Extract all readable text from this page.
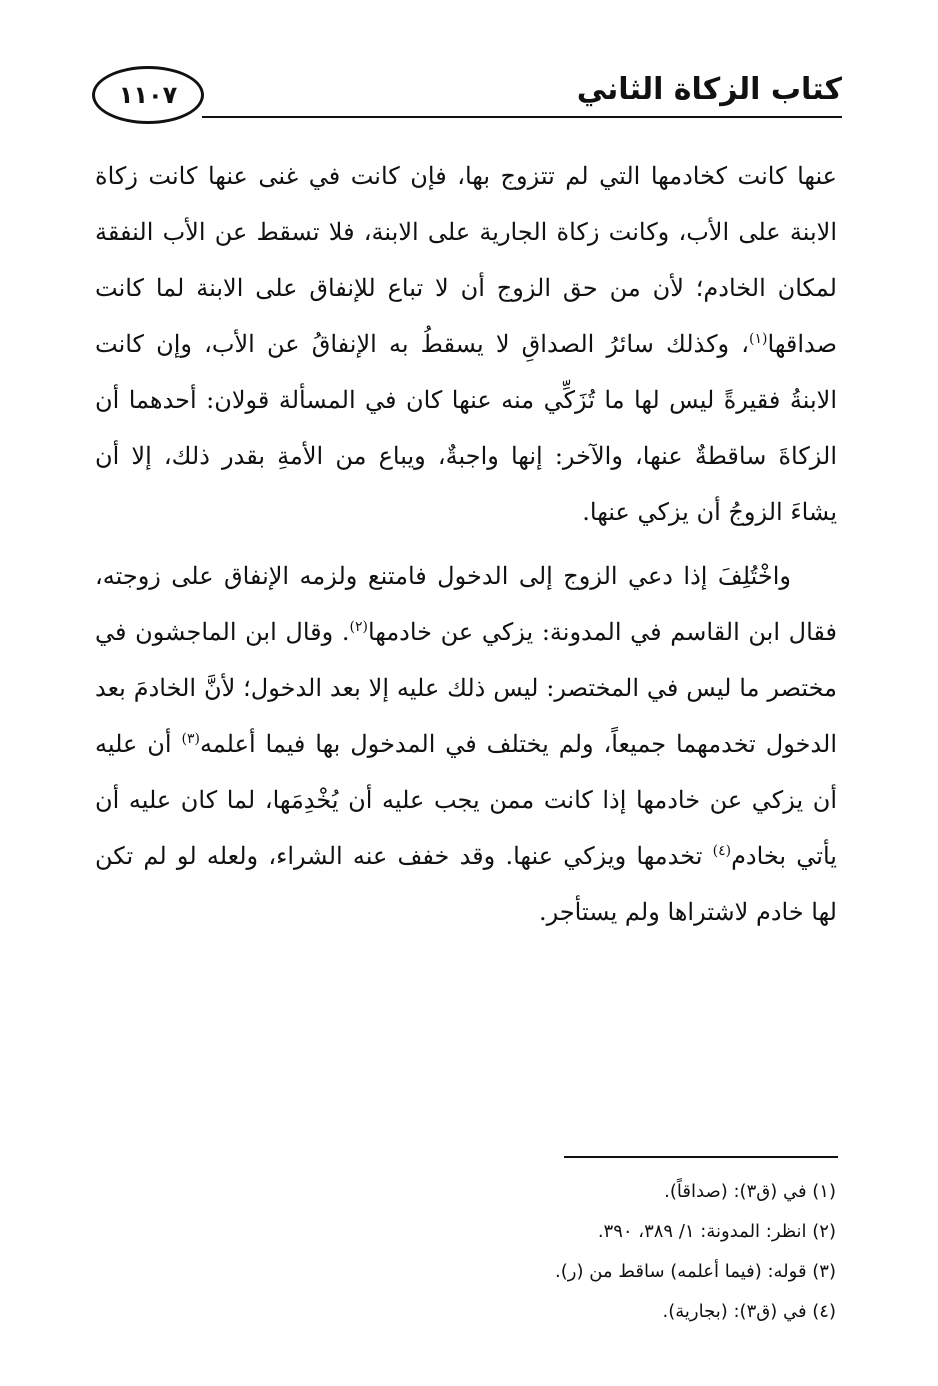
١١٠٧	كتاب الزكاة الثاني

عنها كانت كخادمها التي لم تتزوج بها، فإن كانت في غنى عنها كانت زكاة الابنة على الأب، وكانت زكاة الجارية على الابنة، فلا تسقط عن الأب النفقة لمكان الخادم؛ لأن من حق الزوج أن لا تباع للإنفاق على الابنة لما كانت صداقها$^{(١)}$، وكذلك سائرُ الصداقِ لا يسقطُ به الإنفاقُ عن الأب، وإن كانت الابنةُ فقيرةً ليس لها ما تُزَكِّي منه عنها كان في المسألة قولان: أحدهما أن الزكاةَ ساقطةٌ عنها، والآخر: إنها واجبةٌ، ويباع من الأمةِ بقدر ذلك، إلا أن يشاءَ الزوجُ أن يزكي عنها.

واخْتُلِفَ إذا دعي الزوج إلى الدخول فامتنع ولزمه الإنفاق على زوجته، فقال ابن القاسم في المدونة: يزكي عن خادمها$^{(٢)}$. وقال ابن الماجشون في مختصر ما ليس في المختصر: ليس ذلك عليه إلا بعد الدخول؛ لأنَّ الخادمَ بعد الدخول تخدمهما جميعاً، ولم يختلف في المدخول بها فيما أعلمه$^{(٣)}$ أن عليه أن يزكي عن خادمها إذا كانت ممن يجب عليه أن يُخْدِمَها، لما كان عليه أن يأتي بخادم$^{(٤)}$ تخدمها ويزكي عنها. وقد خفف عنه الشراء، ولعله لو لم تكن لها خادم لاشتراها ولم يستأجر.

(١) في (ق٣): (صداقاً).
(٢) انظر: المدونة: ١/ ٣٨٩، ٣٩٠.
(٣) قوله: (فيما أعلمه) ساقط من (ر).
(٤) في (ق٣): (بجارية).
